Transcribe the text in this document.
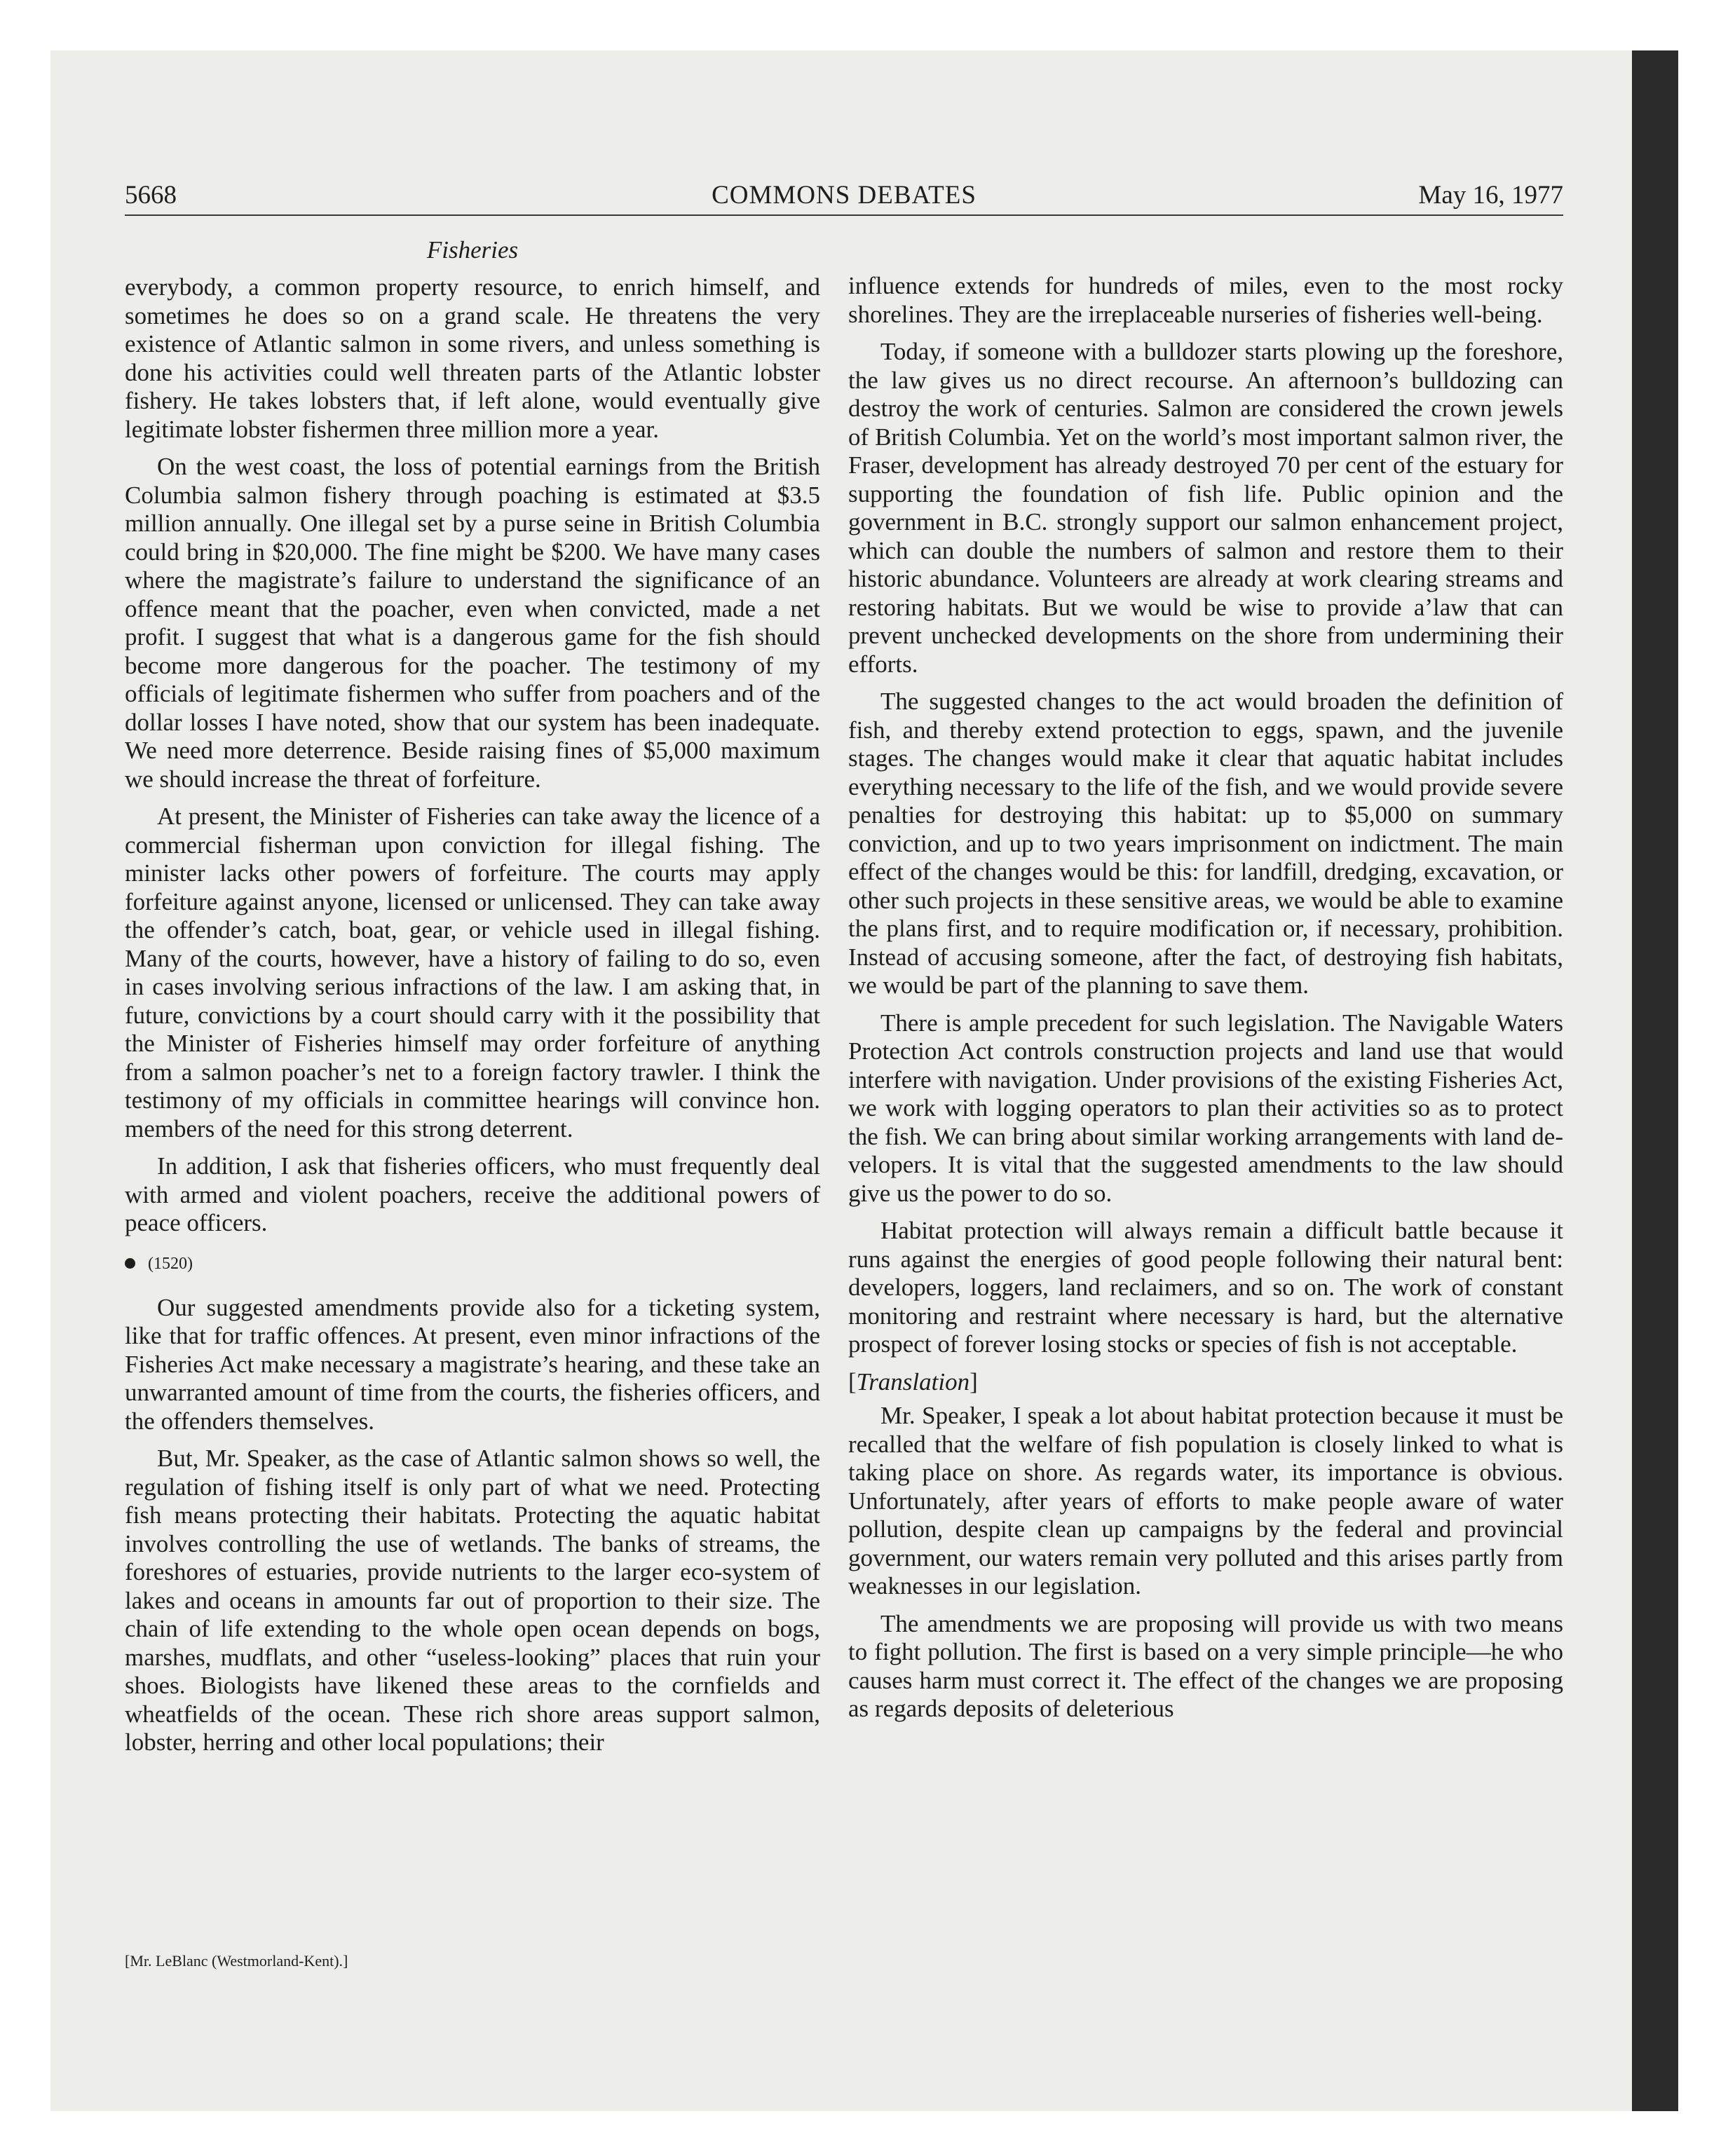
5668	COMMONS DEBATES	May 16, 1977
Fisheries

everybody, a common property resource, to enrich himself, and sometimes he does so on a grand scale. He threatens the very existence of Atlantic salmon in some rivers, and unless something is done his activities could well threaten parts of the Atlantic lobster fishery. He takes lobsters that, if left alone, would eventually give legitimate lobster fishermen three million more a year.

On the west coast, the loss of potential earnings from the British Columbia salmon fishery through poaching is estimated at $3.5 million annually. One illegal set by a purse seine in British Columbia could bring in $20,000. The fine might be $200. We have many cases where the magistrate’s failure to understand the significance of an offence meant that the poacher, even when convicted, made a net profit. I suggest that what is a dangerous game for the fish should become more dangerous for the poacher. The testimony of my officials of legitimate fishermen who suffer from poachers and of the dollar losses I have noted, show that our system has been inadequate. We need more deterrence. Beside raising fines of $5,000 maximum we should increase the threat of forfeiture.

At present, the Minister of Fisheries can take away the licence of a commercial fisherman upon conviction for illegal fishing. The minister lacks other powers of forfeiture. The courts may apply forfeiture against anyone, licensed or unlicensed. They can take away the offender’s catch, boat, gear, or vehicle used in illegal fishing. Many of the courts, however, have a history of failing to do so, even in cases involving serious infractions of the law. I am asking that, in future, convictions by a court should carry with it the possibility that the Minister of Fisheries himself may order forfeiture of anything from a salmon poacher’s net to a foreign factory trawler. I think the testimony of my officials in committee hearings will convince hon. members of the need for this strong deterrent.

In addition, I ask that fisheries officers, who must frequently deal with armed and violent poachers, receive the additional powers of peace officers.

(1520)

Our suggested amendments provide also for a ticketing system, like that for traffic offences. At present, even minor infractions of the Fisheries Act make necessary a magistrate’s hearing, and these take an unwarranted amount of time from the courts, the fisheries officers, and the offenders themselves.

But, Mr. Speaker, as the case of Atlantic salmon shows so well, the regulation of fishing itself is only part of what we need. Protecting fish means protecting their habitats. Protecting the aquatic habitat involves controlling the use of wetlands. The banks of streams, the foreshores of estuaries, provide nutrients to the larger eco-system of lakes and oceans in amounts far out of proportion to their size. The chain of life extending to the whole open ocean depends on bogs, marshes, mudflats, and other “useless-looking” places that ruin your shoes. Biologists have likened these areas to the cornfields and wheatfields of the ocean. These rich shore areas support salmon, lobster, herring and other local populations; their

influence extends for hundreds of miles, even to the most rocky shorelines. They are the irreplaceable nurseries of fisheries well-being.

Today, if someone with a bulldozer starts plowing up the foreshore, the law gives us no direct recourse. An afternoon’s bulldozing can destroy the work of centuries. Salmon are considered the crown jewels of British Columbia. Yet on the world’s most important salmon river, the Fraser, development has already destroyed 70 per cent of the estuary for supporting the foundation of fish life. Public opinion and the government in B.C. strongly support our salmon enhancement project, which can double the numbers of salmon and restore them to their historic abundance. Volunteers are already at work clearing streams and restoring habitats. But we would be wise to provide a’law that can prevent unchecked developments on the shore from undermining their efforts.

The suggested changes to the act would broaden the definition of fish, and thereby extend protection to eggs, spawn, and the juvenile stages. The changes would make it clear that aquatic habitat includes everything necessary to the life of the fish, and we would provide severe penalties for destroying this habitat: up to $5,000 on summary conviction, and up to two years imprisonment on indictment. The main effect of the changes would be this: for landfill, dredging, excavation, or other such projects in these sensitive areas, we would be able to examine the plans first, and to require modification or, if necessary, prohibition. Instead of accusing someone, after the fact, of destroying fish habitats, we would be part of the planning to save them.

There is ample precedent for such legislation. The Navigable Waters Protection Act controls construction projects and land use that would interfere with navigation. Under provisions of the existing Fisheries Act, we work with logging operators to plan their activities so as to protect the fish. We can bring about similar working arrangements with land developers. It is vital that the suggested amendments to the law should give us the power to do so.

Habitat protection will always remain a difficult battle because it runs against the energies of good people following their natural bent: developers, loggers, land reclaimers, and so on. The work of constant monitoring and restraint where necessary is hard, but the alternative prospect of forever losing stocks or species of fish is not acceptable.

[Translation]

Mr. Speaker, I speak a lot about habitat protection because it must be recalled that the welfare of fish population is closely linked to what is taking place on shore. As regards water, its importance is obvious. Unfortunately, after years of efforts to make people aware of water pollution, despite clean up campaigns by the federal and provincial government, our waters remain very polluted and this arises partly from weaknesses in our legislation.

The amendments we are proposing will provide us with two means to fight pollution. The first is based on a very simple principle—he who causes harm must correct it. The effect of the changes we are proposing as regards deposits of deleterious

[Mr. LeBlanc (Westmorland-Kent).]
